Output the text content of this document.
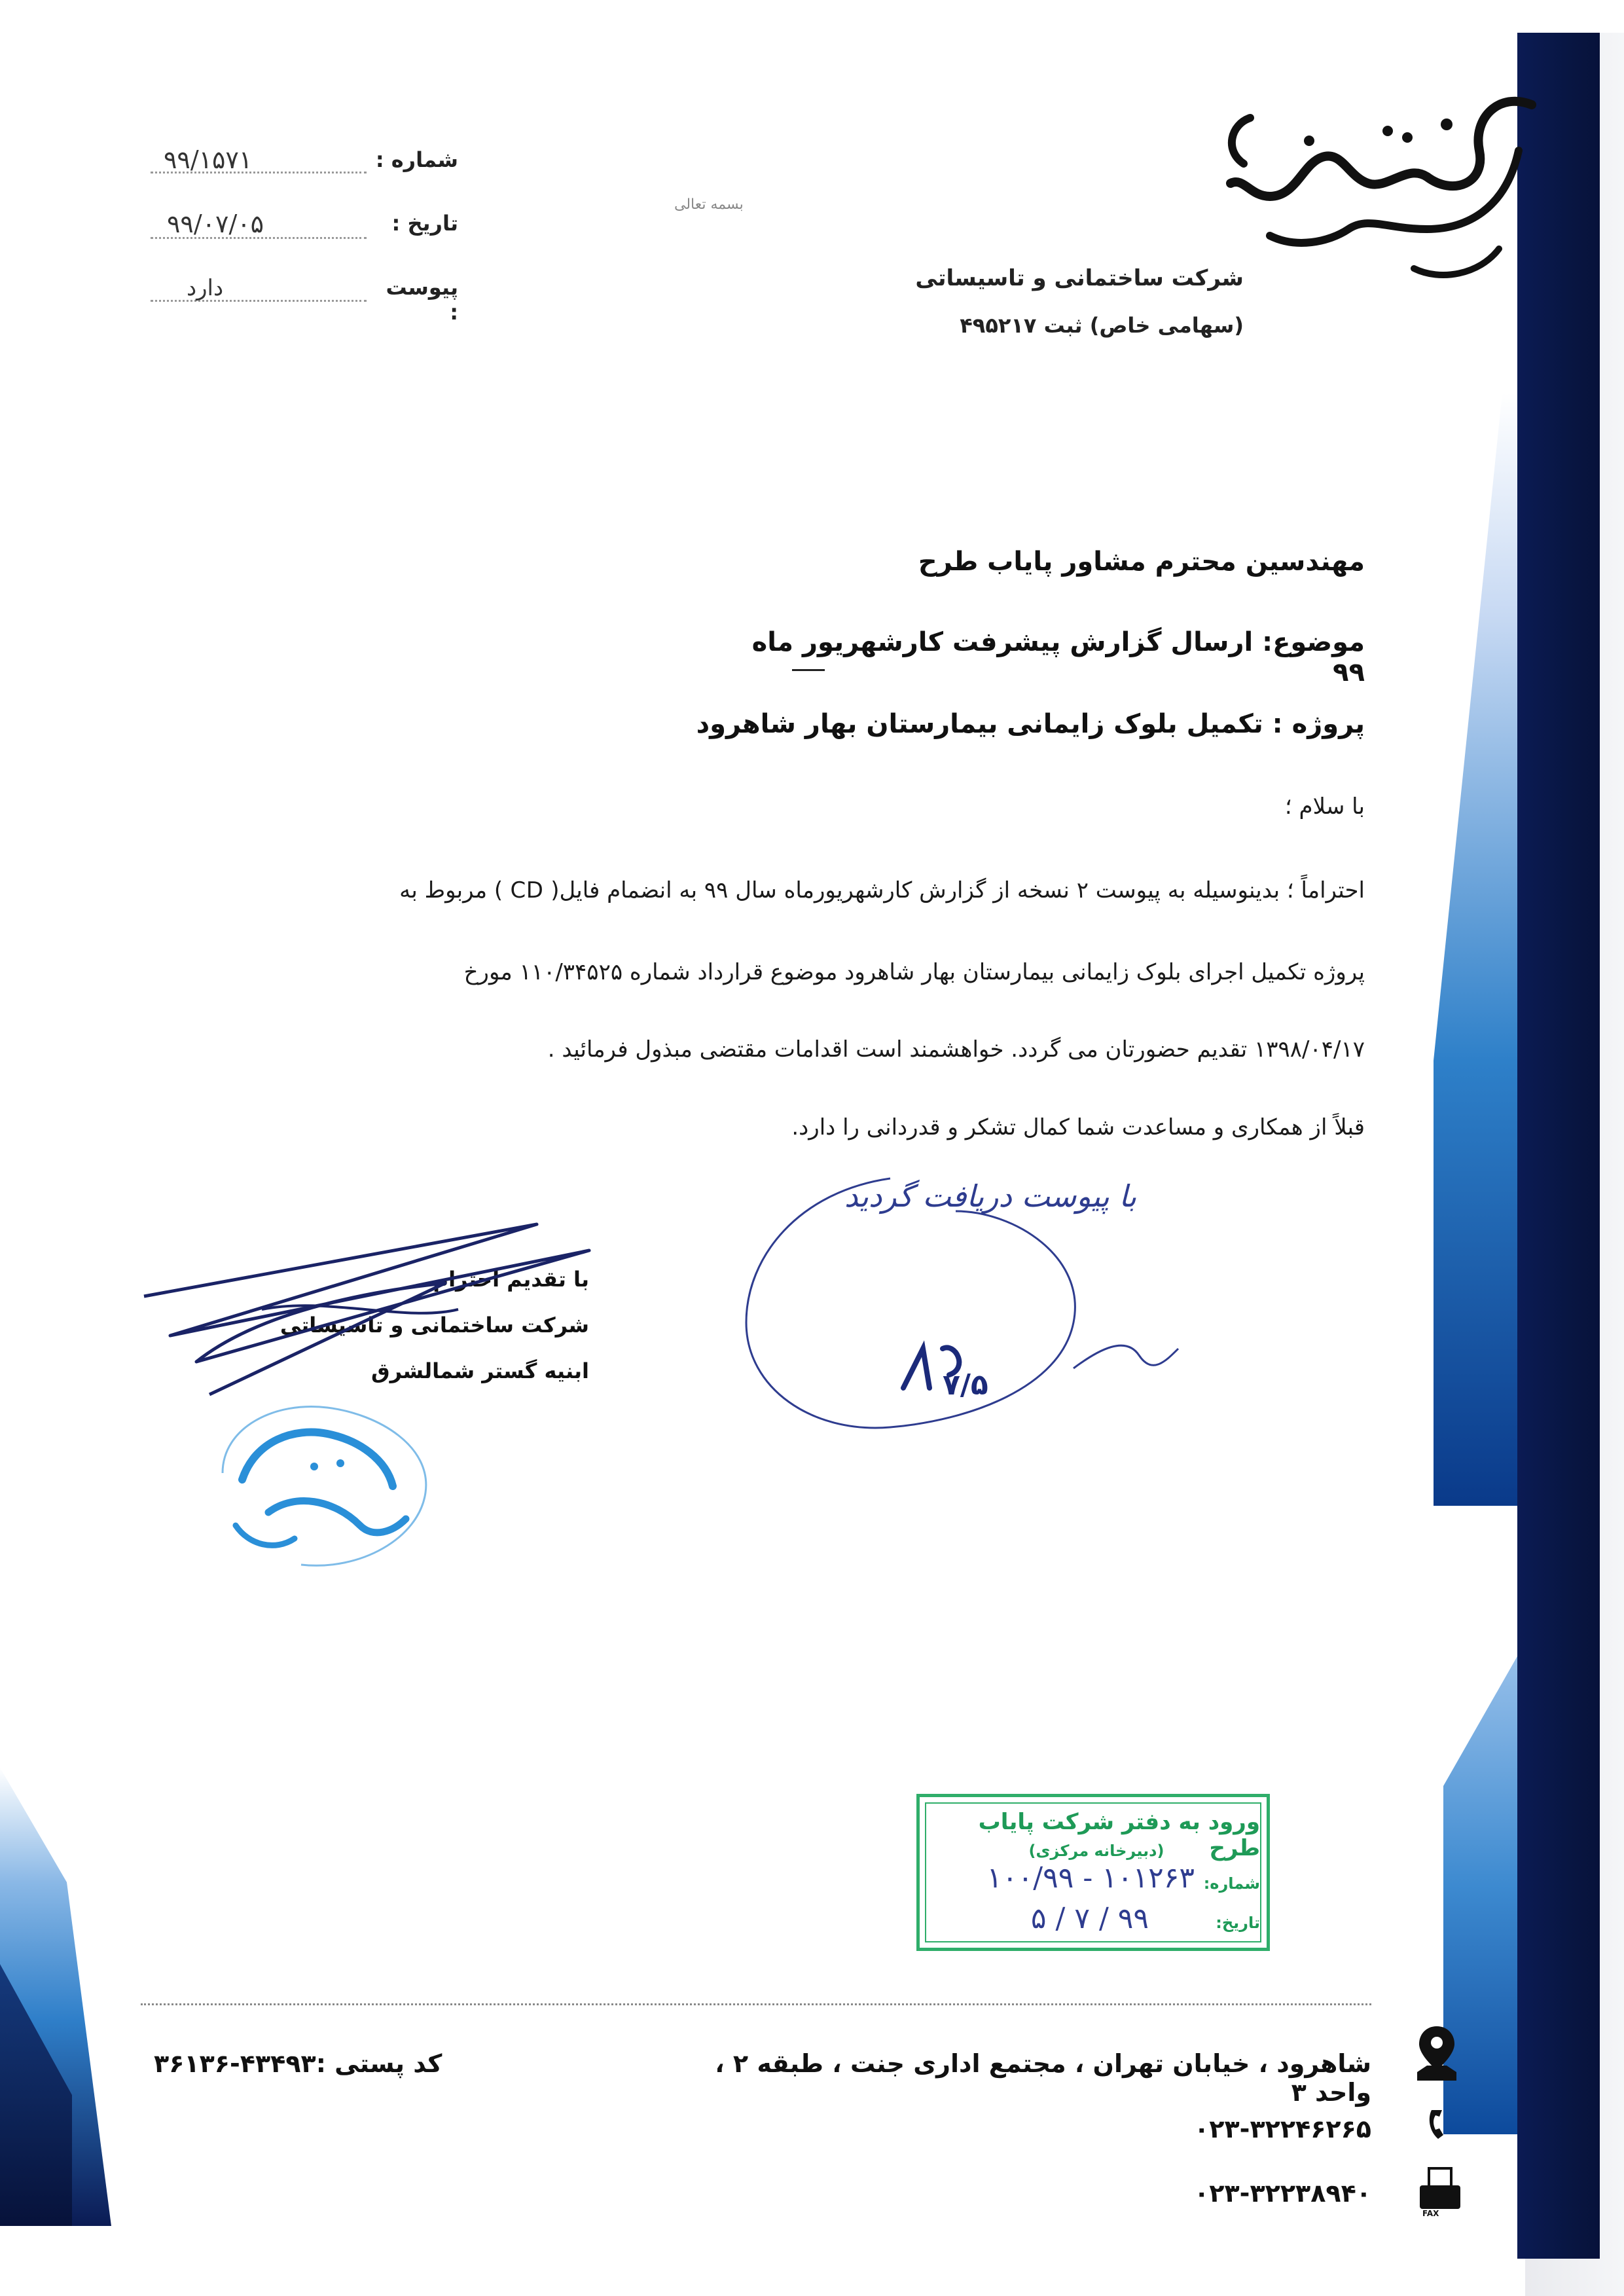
بسمه تعالی
شماره :
۹۹/۱۵۷۱
تاریخ :
۹۹/۰۷/۰۵
پیوست :
دارد	شرکت ساختمانی و تاسیساتی
(سهامی خاص) ثبت ۴۹۵۲۱۷
مهندسین محترم مشاور پایاب طرح
موضوع: ارسال گزارش پیشرفت کارشهریور ماه ۹۹
پروژه : تکمیل بلوک زایمانی بیمارستان بهار شاهرود
با سلام ؛
احتراماً ؛ بدینوسیله به پیوست ۲ نسخه از گزارش کارشهریورماه سال ۹۹ به انضمام فایل( CD ) مربوط به
پروژه تکمیل اجرای بلوک زایمانی بیمارستان بهار شاهرود موضوع قرارداد شماره ۱۱۰/۳۴۵۲۵ مورخ
۱۳۹۸/۰۴/۱۷ تقدیم حضورتان می گردد. خواهشمند است اقدامات مقتضی مبذول فرمائید .
قبلاً از همکاری و مساعدت شما کمال تشکر و قدردانی را دارد.
با پیوست دریافت گردید
۷/۵
با تقدیم احترام
شرکت ساختمانی و تاسیساتی
ابنیه گستر شمالشرق
ورود به دفتر شرکت پایاب طرح
(دبیرخانه مرکزی)
شماره:
۱۰۱۲۶۳ - ۱۰۰/۹۹
تاریخ:
۹۹ / ۷ / ۵
شاهرود ، خیابان تهران ، مجتمع اداری جنت ، طبقه ۲ ، واحد ۳
کد پستی :۴۳۴۹۳-۳۶۱۳۶
۰۲۳-۳۲۲۴۶۲۶۵
۰۲۳-۳۲۲۳۸۹۴۰
FAX
